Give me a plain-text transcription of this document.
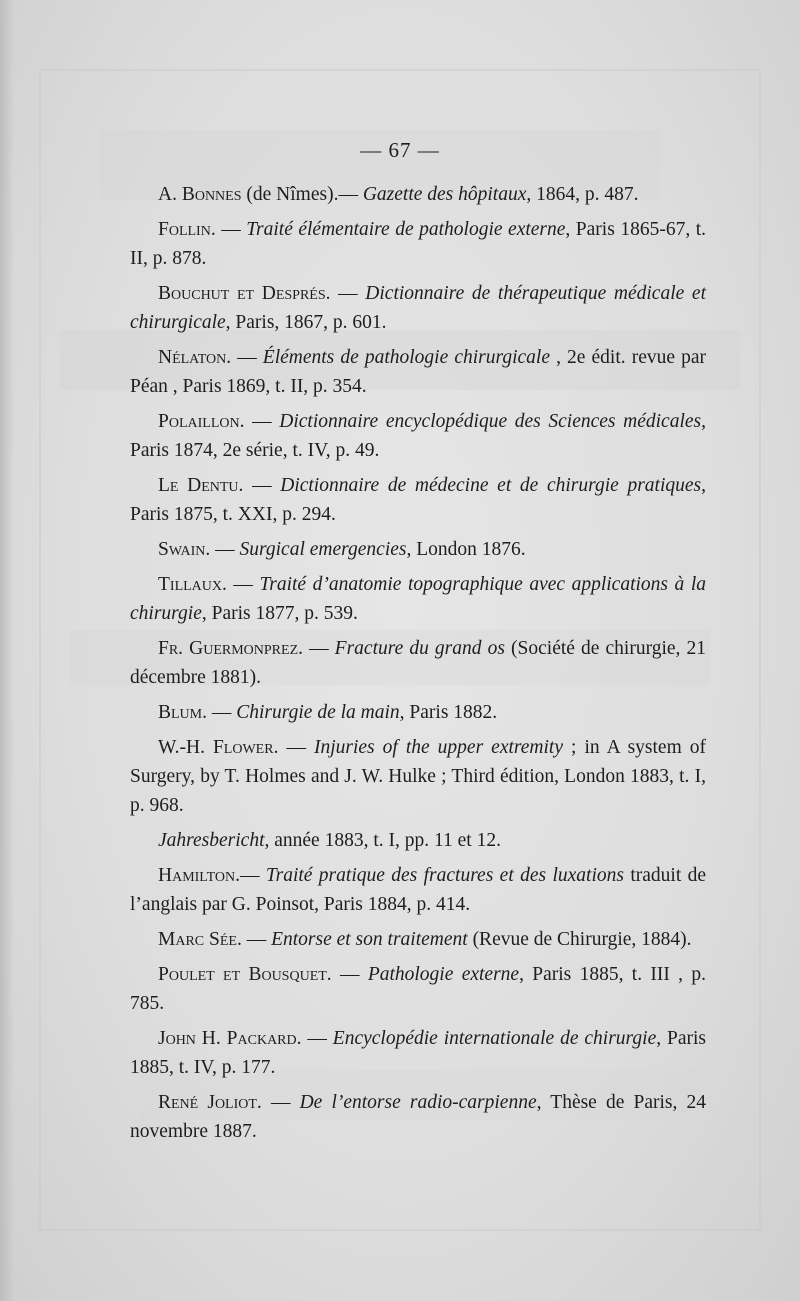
— 67 —

A. Bonnes (de Nîmes).— Gazette des hôpitaux, 1864, p. 487.

Follin. — Traité élémentaire de pathologie externe, Paris 1865-67, t. II, p. 878.

Bouchut et Després. — Dictionnaire de thérapeutique médicale et chirurgicale, Paris, 1867, p. 601.

Nélaton. — Éléments de pathologie chirurgicale , 2e édit. revue par Péan , Paris 1869, t. II, p. 354.

Polaillon. — Dictionnaire encyclopédique des Sciences médicales, Paris 1874, 2e série, t. IV, p. 49.

Le Dentu. — Dictionnaire de médecine et de chirurgie pratiques, Paris 1875, t. XXI, p. 294.

Swain. — Surgical emergencies, London 1876.

Tillaux. — Traité d’anatomie topographique avec applications à la chirurgie, Paris 1877, p. 539.

Fr. Guermonprez. — Fracture du grand os (Société de chirurgie, 21 décembre 1881).

Blum. — Chirurgie de la main, Paris 1882.

W.-H. Flower. — Injuries of the upper extremity ; in A system of Surgery, by T. Holmes and J. W. Hulke ; Third édition, London 1883, t. I, p. 968.

Jahresbericht, année 1883, t. I, pp. 11 et 12.

Hamilton.— Traité pratique des fractures et des luxations traduit de l’anglais par G. Poinsot, Paris 1884, p. 414.

Marc Sée. — Entorse et son traitement (Revue de Chirurgie, 1884).

Poulet et Bousquet. — Pathologie externe, Paris 1885, t. III , p. 785.

John H. Packard. — Encyclopédie internationale de chirurgie, Paris 1885, t. IV, p. 177.

René Joliot. — De l’entorse radio-carpienne, Thèse de Paris, 24 novembre 1887.
